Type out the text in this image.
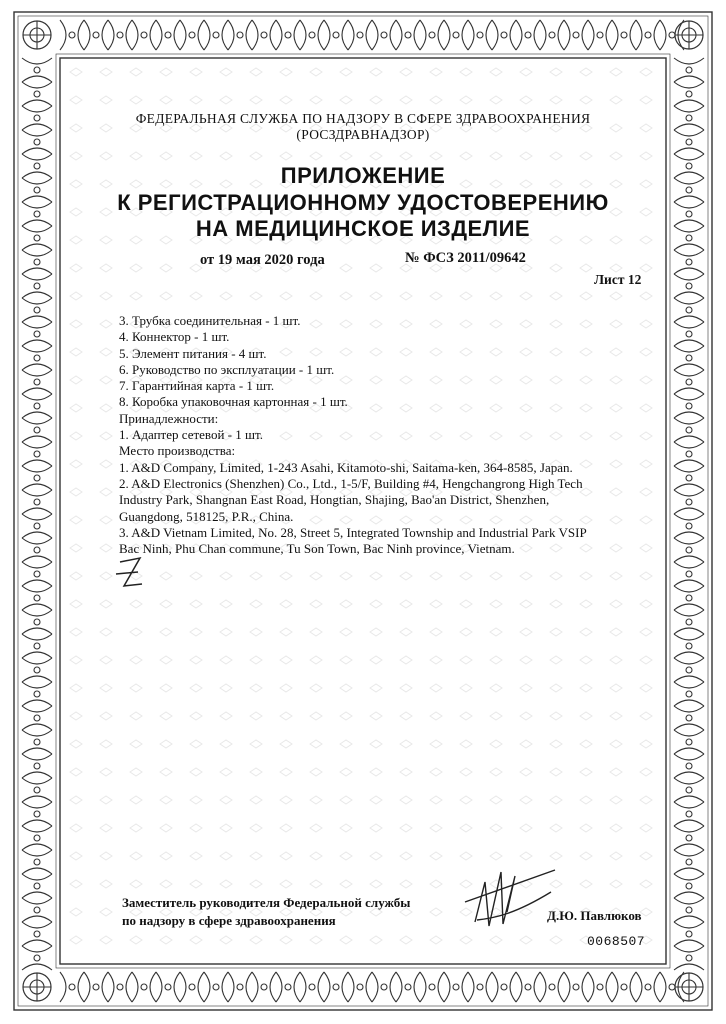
ФЕДЕРАЛЬНАЯ СЛУЖБА ПО НАДЗОРУ В СФЕРЕ ЗДРАВООХРАНЕНИЯ
(РОСЗДРАВНАДЗОР)
ПРИЛОЖЕНИЕ
К РЕГИСТРАЦИОННОМУ УДОСТОВЕРЕНИЮ
НА МЕДИЦИНСКОЕ ИЗДЕЛИЕ
от 19 мая 2020 года	№ ФСЗ 2011/09642
Лист 12
3. Трубка соединительная - 1 шт.
4. Коннектор - 1 шт.
5. Элемент питания - 4 шт.
6. Руководство по эксплуатации - 1 шт.
7. Гарантийная карта - 1 шт.
8. Коробка упаковочная картонная - 1 шт.
Принадлежности:
1. Адаптер сетевой - 1 шт.
Место производства:
1. A&D Company, Limited, 1-243 Asahi, Kitamoto-shi, Saitama-ken, 364-8585, Japan.
2. A&D Electronics (Shenzhen) Co., Ltd., 1-5/F, Building #4, Hengchangrong High Tech
Industry Park, Shangnan East Road, Hongtian, Shajing, Bao'an District, Shenzhen,
Guangdong, 518125, P.R., China.
3. A&D Vietnam Limited, No. 28, Street 5, Integrated Township and Industrial Park VSIP
Bac Ninh, Phu Chan commune, Tu Son Town, Bac Ninh province, Vietnam.
Заместитель руководителя Федеральной службы
по надзору в сфере здравоохранения	Д.Ю. Павлюков
0068507
